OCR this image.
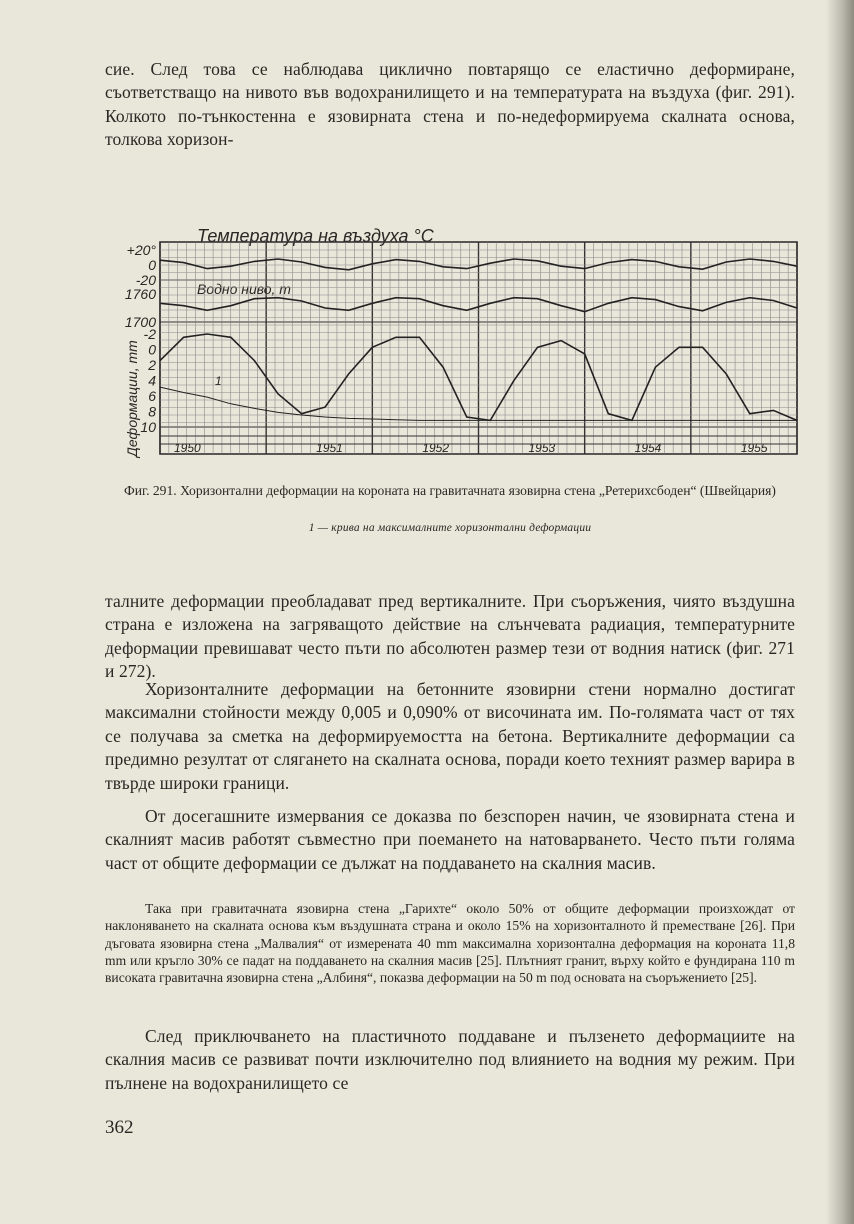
сие. След това се наблюдава циклично повтарящо се еластично деформиране, съответстващо на нивото във водохранилището и на температурата на въздуха (фиг. 291). Колкото по-тънкостенна е язовирната стена и по-недеформируема скалната основа, толкова хоризон-

Температура на въздуха °C
Водно ниво, m
Деформации, mm
+20°
0
-20
1760
1700
-2
0
2
4
6
8
10
1
1950	1951	1952	1953	1954	1955

Фиг. 291. Хоризонтални деформации на короната на гравитачната язовирна стена „Ретерихсбоден“ (Швейцария)

1 — крива на максималните хоризонтални деформации

талните деформации преобладават пред вертикалните. При съоръжения, чиято въздушна страна е изложена на загряващото действие на слънчевата радиация, температурните деформации превишават често пъти по абсолютен размер тези от водния натиск (фиг. 271 и 272).

Хоризонталните деформации на бетонните язовирни стени нормално достигат максимални стойности между 0,005 и 0,090% от височината им. По-голямата част от тях се получава за сметка на деформируемостта на бетона. Вертикалните деформации са предимно резултат от слягането на скалната основа, поради което техният размер варира в твърде широки граници.

От досегашните измервания се доказва по безспорен начин, че язовирната стена и скалният масив работят съвместно при поемането на натоварването. Често пъти голяма част от общите деформации се дължат на поддаването на скалния масив.

Така при гравитачната язовирна стена „Гарихте“ около 50% от общите деформации произхождат от наклоняването на скалната основа към въздушната страна и около 15% на хоризонталното й преместване [26]. При дъговата язовирна стена „Малвалия“ от измерената 40 mm максимална хоризонтална деформация на короната 11,8 mm или кръгло 30% се падат на поддаването на скалния масив [25]. Плътният гранит, върху който е фундирана 110 m високата гравитачна язовирна стена „Албиня“, показва деформации на 50 m под основата на съоръжението [25].

След приключването на пластичното поддаване и пълзенето деформациите на скалния масив се развиват почти изключително под влиянието на водния му режим. При пълнене на водохранилището се

362
